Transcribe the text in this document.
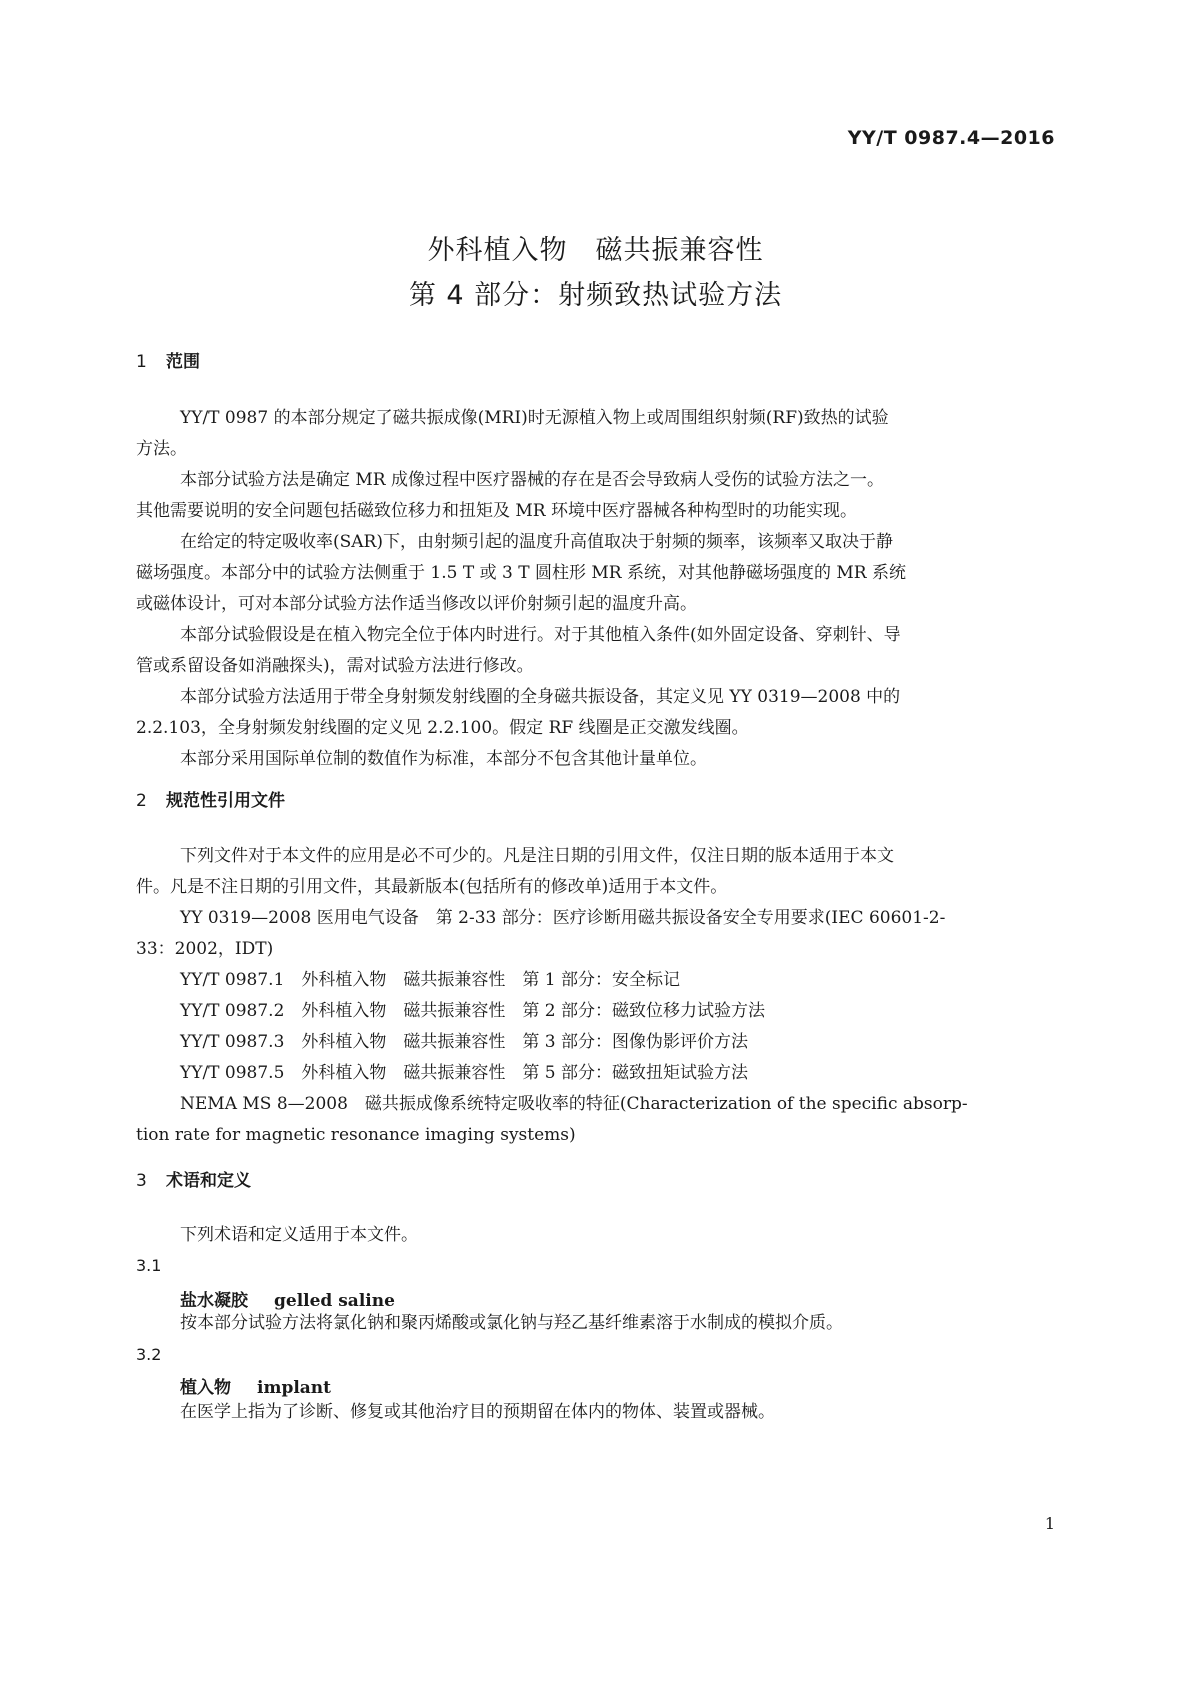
YY/T 0987.4—2016
外科植入物　磁共振兼容性
第 4 部分：射频致热试验方法
1 范围
YY/T 0987 的本部分规定了磁共振成像(MRI)时无源植入物上或周围组织射频(RF)致热的试验
方法。
本部分试验方法是确定 MR 成像过程中医疗器械的存在是否会导致病人受伤的试验方法之一。
其他需要说明的安全问题包括磁致位移力和扭矩及 MR 环境中医疗器械各种构型时的功能实现。
在给定的特定吸收率(SAR)下，由射频引起的温度升高值取决于射频的频率，该频率又取决于静
磁场强度。本部分中的试验方法侧重于 1.5 T 或 3 T 圆柱形 MR 系统，对其他静磁场强度的 MR 系统
或磁体设计，可对本部分试验方法作适当修改以评价射频引起的温度升高。
本部分试验假设是在植入物完全位于体内时进行。对于其他植入条件(如外固定设备、穿刺针、导
管或系留设备如消融探头)，需对试验方法进行修改。
本部分试验方法适用于带全身射频发射线圈的全身磁共振设备，其定义见 YY 0319—2008 中的
2.2.103，全身射频发射线圈的定义见 2.2.100。假定 RF 线圈是正交激发线圈。
本部分采用国际单位制的数值作为标准，本部分不包含其他计量单位。
2 规范性引用文件
下列文件对于本文件的应用是必不可少的。凡是注日期的引用文件，仅注日期的版本适用于本文
件。凡是不注日期的引用文件，其最新版本(包括所有的修改单)适用于本文件。
YY 0319—2008 医用电气设备　第 2-33 部分：医疗诊断用磁共振设备安全专用要求(IEC 60601-2-
33：2002，IDT)
YY/T 0987.1　外科植入物　磁共振兼容性　第 1 部分：安全标记
YY/T 0987.2　外科植入物　磁共振兼容性　第 2 部分：磁致位移力试验方法
YY/T 0987.3　外科植入物　磁共振兼容性　第 3 部分：图像伪影评价方法
YY/T 0987.5　外科植入物　磁共振兼容性　第 5 部分：磁致扭矩试验方法
NEMA MS 8—2008　磁共振成像系统特定吸收率的特征(Characterization of the specific absorp-
tion rate for magnetic resonance imaging systems)
3 术语和定义
下列术语和定义适用于本文件。
3.1
盐水凝胶 gelled saline
按本部分试验方法将氯化钠和聚丙烯酸或氯化钠与羟乙基纤维素溶于水制成的模拟介质。
3.2
植入物 implant
在医学上指为了诊断、修复或其他治疗目的预期留在体内的物体、装置或器械。
1
